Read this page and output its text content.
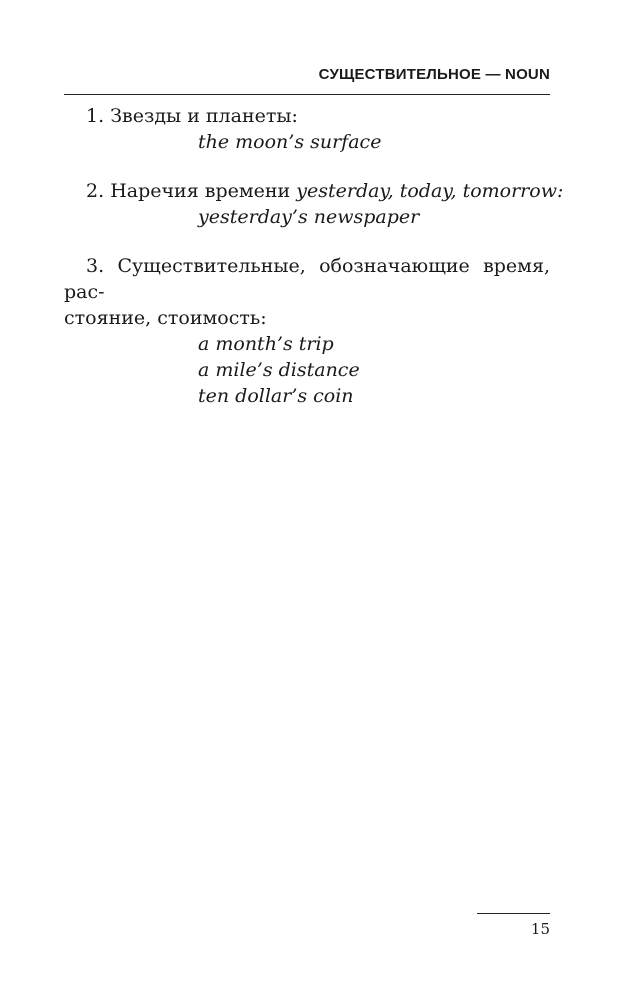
СУЩЕСТВИТЕЛЬНОЕ — NOUN

1. Звезды и планеты:

the moon’s surface

2. Наречия времени yesterday, today, tomorrow:

yesterday’s newspaper

3. Существительные, обозначающие время, рас-

стояние, стоимость:

a month’s trip
a mile’s distance
ten dollar’s coin
15
